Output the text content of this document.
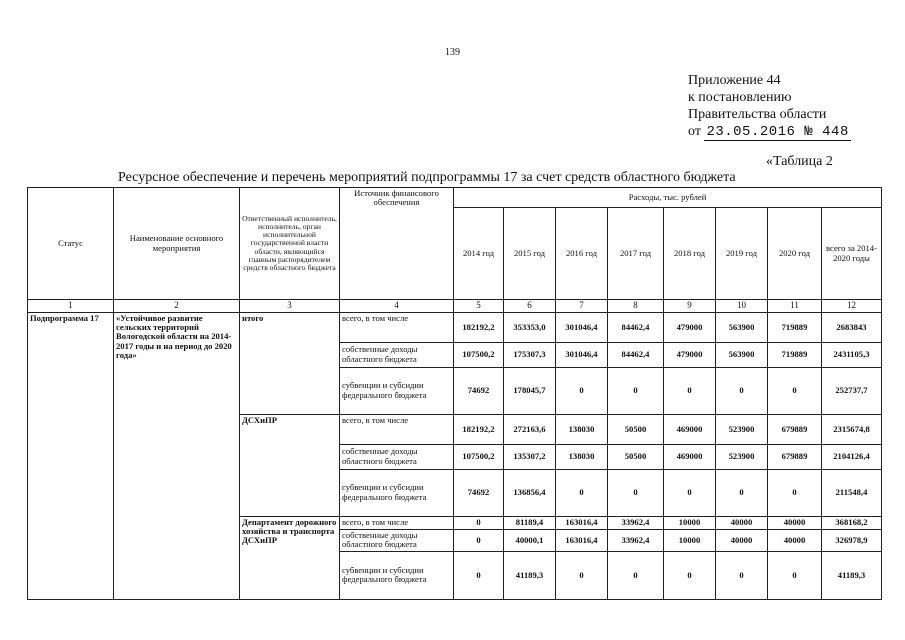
139
Приложение 44
к постановлению
Правительства области
от 23.05.2016 № 448
«Таблица 2
Ресурсное обеспечение и перечень мероприятий подпрограммы 17 за счет средств областного бюджета
Статус	Наименование основного мероприятия	Ответственный исполнитель, исполнитель, орган исполнительной государственной власти области, являющийся главным распорядителем средств областного бюджета	Источник финансового обеспечения	Расходы, тыс. рублей							
				2014 год	2015 год	2016 год	2017 год	2018 год	2019 год	2020 год	всего за 2014-2020 годы
1	2	3	4	5	6	7	8	9	10	11	12
Подпрограмма 17	«Устойчивое развитие сельских территорий Вологодской области на 2014-2017 годы и на период до 2020 года»	итого	всего, в том числе	182192,2	353353,0	301046,4	84462,4	479000	563900	719889	2683843
			собственные доходы областного бюджета	107500,2	175307,3	301046,4	84462,4	479000	563900	719889	2431105,3
			субвенции и субсидии федерального бюджета	74692	178045,7	0	0	0	0	0	252737,7
		ДСХиПР	всего, в том числе	182192,2	272163,6	138030	50500	469000	523900	679889	2315674,8
			собственные доходы областного бюджета	107500,2	135307,2	138030	50500	469000	523900	679889	2104126,4
			субвенции и субсидии федерального бюджета	74692	136856,4	0	0	0	0	0	211548,4
		Департамент дорожного хозяйства и транспорта ДСХиПР	всего, в том числе	0	81189,4	163016,4	33962,4	10000	40000	40000	368168,2
			собственные доходы областного бюджета	0	40000,1	163016,4	33962,4	10000	40000	40000	326978,9
			субвенции и субсидии федерального бюджета	0	41189,3	0	0	0	0	0	41189,3
